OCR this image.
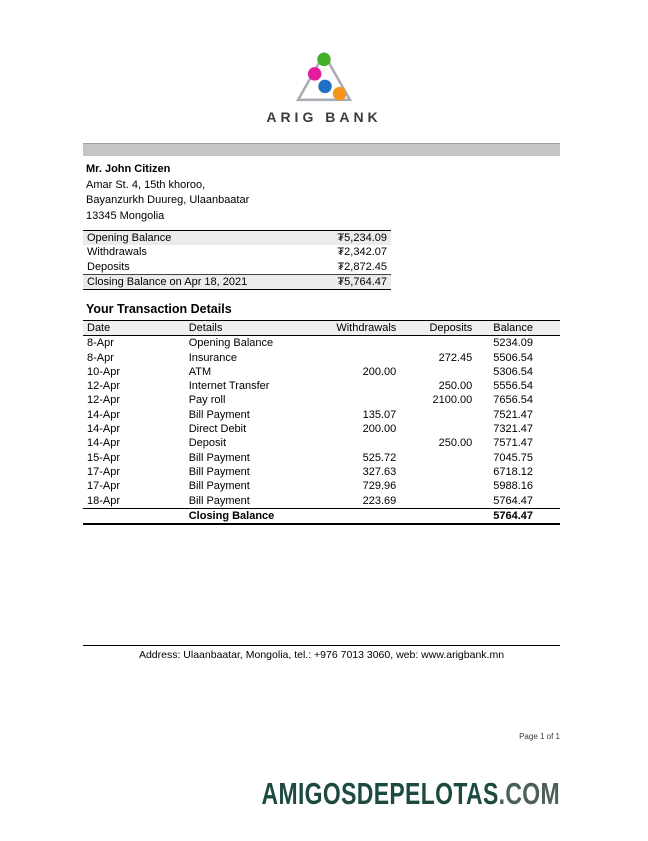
ARIG BANK
Mr. John Citizen
Amar St. 4, 15th khoroo,
Bayanzurkh Duureg, Ulaanbaatar
13345 Mongolia
Opening Balance	₮5,234.09
Withdrawals	₮2,342.07
Deposits	₮2,872.45
Closing Balance on Apr 18, 2021	₮5,764.47
Your Transaction Details
Date	Details	Withdrawals	Deposits	Balance
8-Apr	Opening Balance			5234.09
8-Apr	Insurance		272.45	5506.54
10-Apr	ATM	200.00		5306.54
12-Apr	Internet Transfer		250.00	5556.54
12-Apr	Pay roll		2100.00	7656.54
14-Apr	Bill Payment	135.07		7521.47
14-Apr	Direct Debit	200.00		7321.47
14-Apr	Deposit		250.00	7571.47
15-Apr	Bill Payment	525.72		7045.75
17-Apr	Bill Payment	327.63		6718.12
17-Apr	Bill Payment	729.96		5988.16
18-Apr	Bill Payment	223.69		5764.47
	Closing Balance			5764.47
Address: Ulaanbaatar, Mongolia, tel.: +976 7013 3060, web: www.arigbank.mn
Page 1 of 1
AMIGOSDEPELOTAS.COM
